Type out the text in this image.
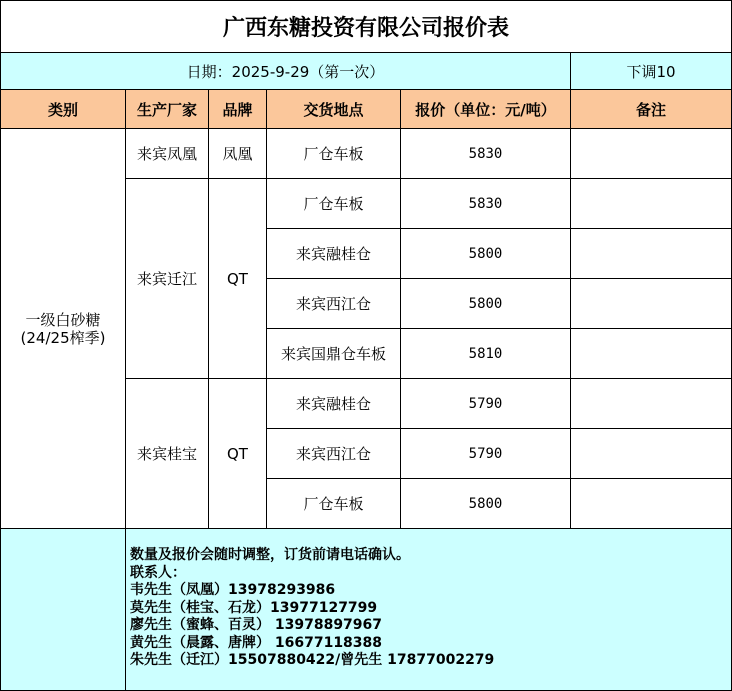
广西东糖投资有限公司报价表
日期：2025-9-29（第一次）	下调10
类别	生产厂家	品牌	交货地点	报价（单位：元/吨）	备注
一级白砂糖
(24/25榨季)
来宾凤凰	凤凰	厂仓车板	5830
来宾迁江	QT
厂仓车板	5830
来宾融桂仓	5800
来宾西江仓	5800
来宾国鼎仓车板	5810
来宾桂宝	QT
来宾融桂仓	5790
来宾西江仓	5790
厂仓车板	5800
数量及报价会随时调整，订货前请电话确认。
联系人：
韦先生（凤凰）13978293986
莫先生（桂宝、石龙）13977127799
廖先生（蜜蜂、百灵） 13978897967
黄先生（晨露、唐牌） 16677118388
朱先生（迁江）15507880422/曾先生 17877002279
